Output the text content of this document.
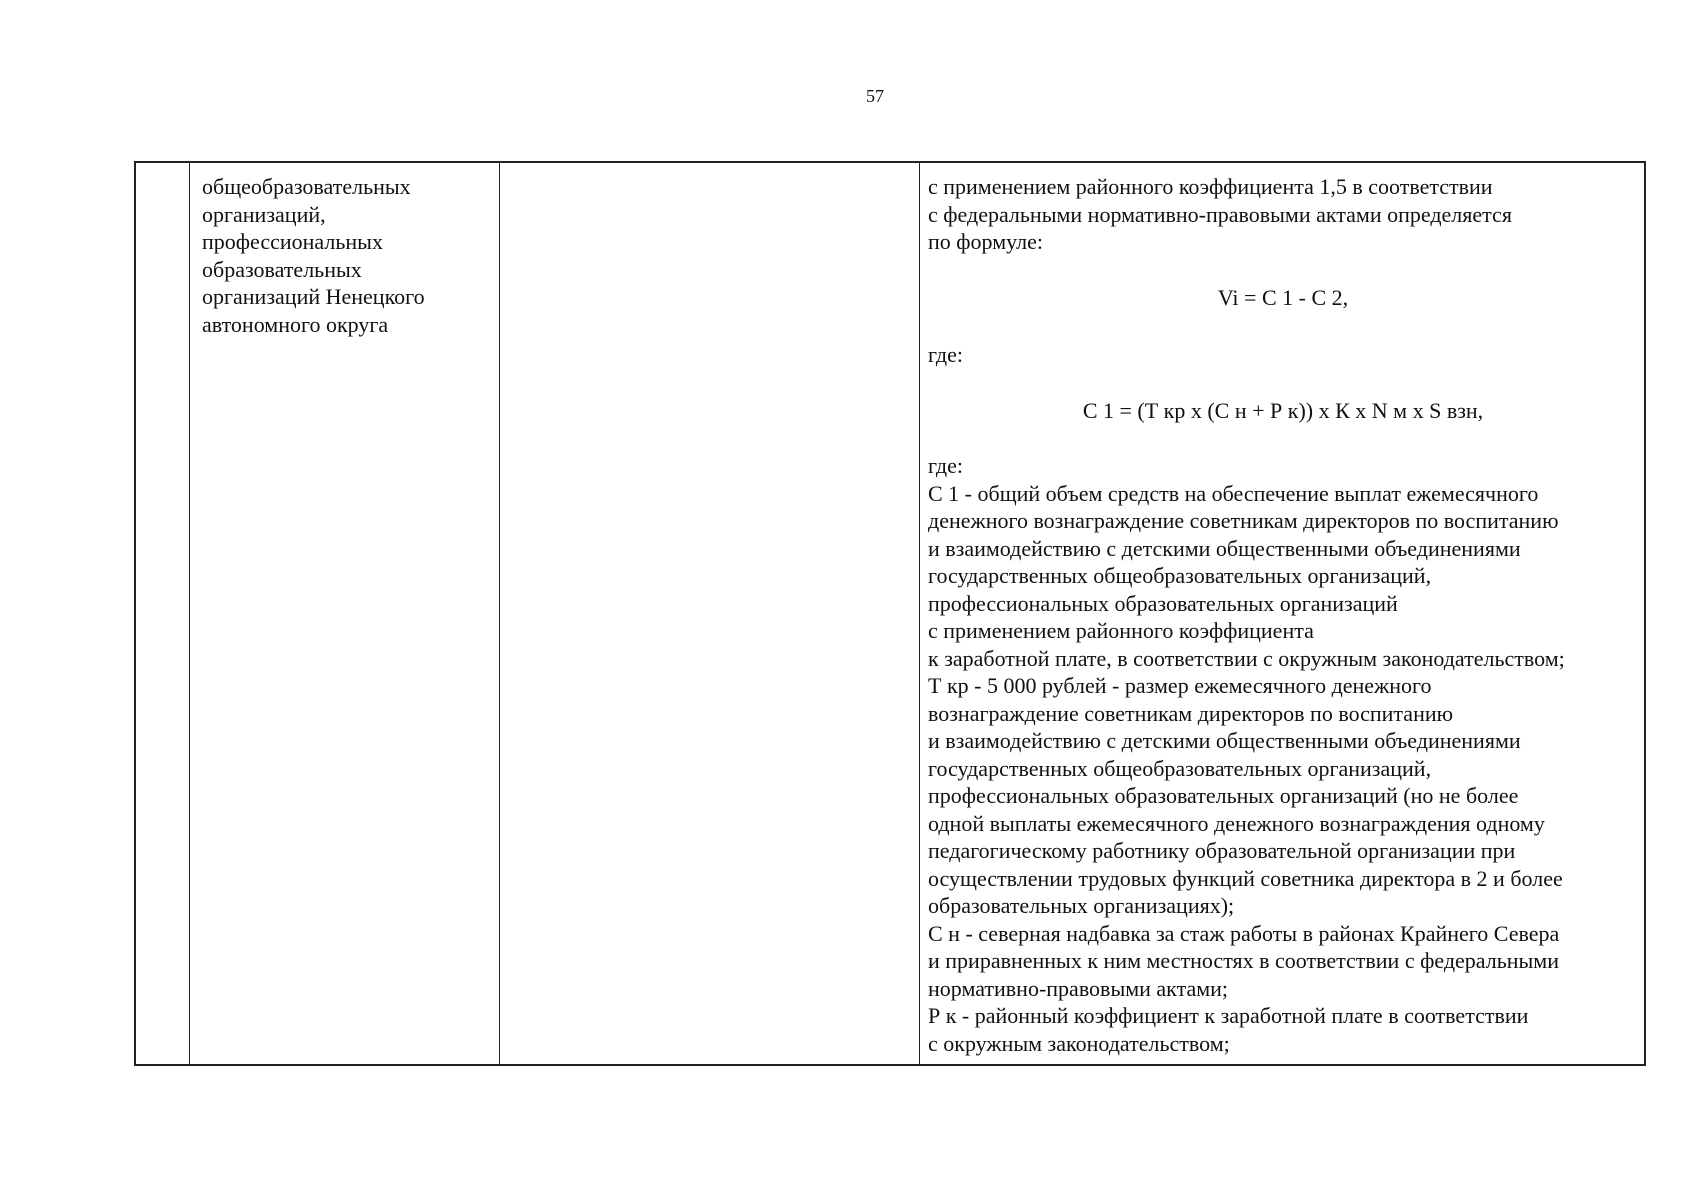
57
общеобразовательных
организаций,
профессиональных
образовательных
организаций Ненецкого
автономного округа
с применением районного коэффициента 1,5 в соответствии
с федеральными нормативно-правовыми актами определяется
по формуле:
Vi = С 1 - С 2,
где:
С 1 = (Т кр х (С н + Р к)) х К х N м х S взн,
где:
С 1 - общий объем средств на обеспечение выплат ежемесячного
денежного вознаграждение советникам директоров по воспитанию
и взаимодействию с детскими общественными объединениями
государственных общеобразовательных организаций,
профессиональных образовательных организаций
с применением районного коэффициента
к заработной плате, в соответствии с окружным законодательством;
Т кр - 5 000 рублей - размер ежемесячного денежного
вознаграждение советникам директоров по воспитанию
и взаимодействию с детскими общественными объединениями
государственных общеобразовательных организаций,
профессиональных образовательных организаций (но не более
одной выплаты ежемесячного денежного вознаграждения одному
педагогическому работнику образовательной организации при
осуществлении трудовых функций советника директора в 2 и более
образовательных организациях);
С н - северная надбавка за стаж работы в районах Крайнего Севера
и приравненных к ним местностях в соответствии с федеральными
нормативно-правовыми актами;
Р к - районный коэффициент к заработной плате в соответствии
с окружным законодательством;
